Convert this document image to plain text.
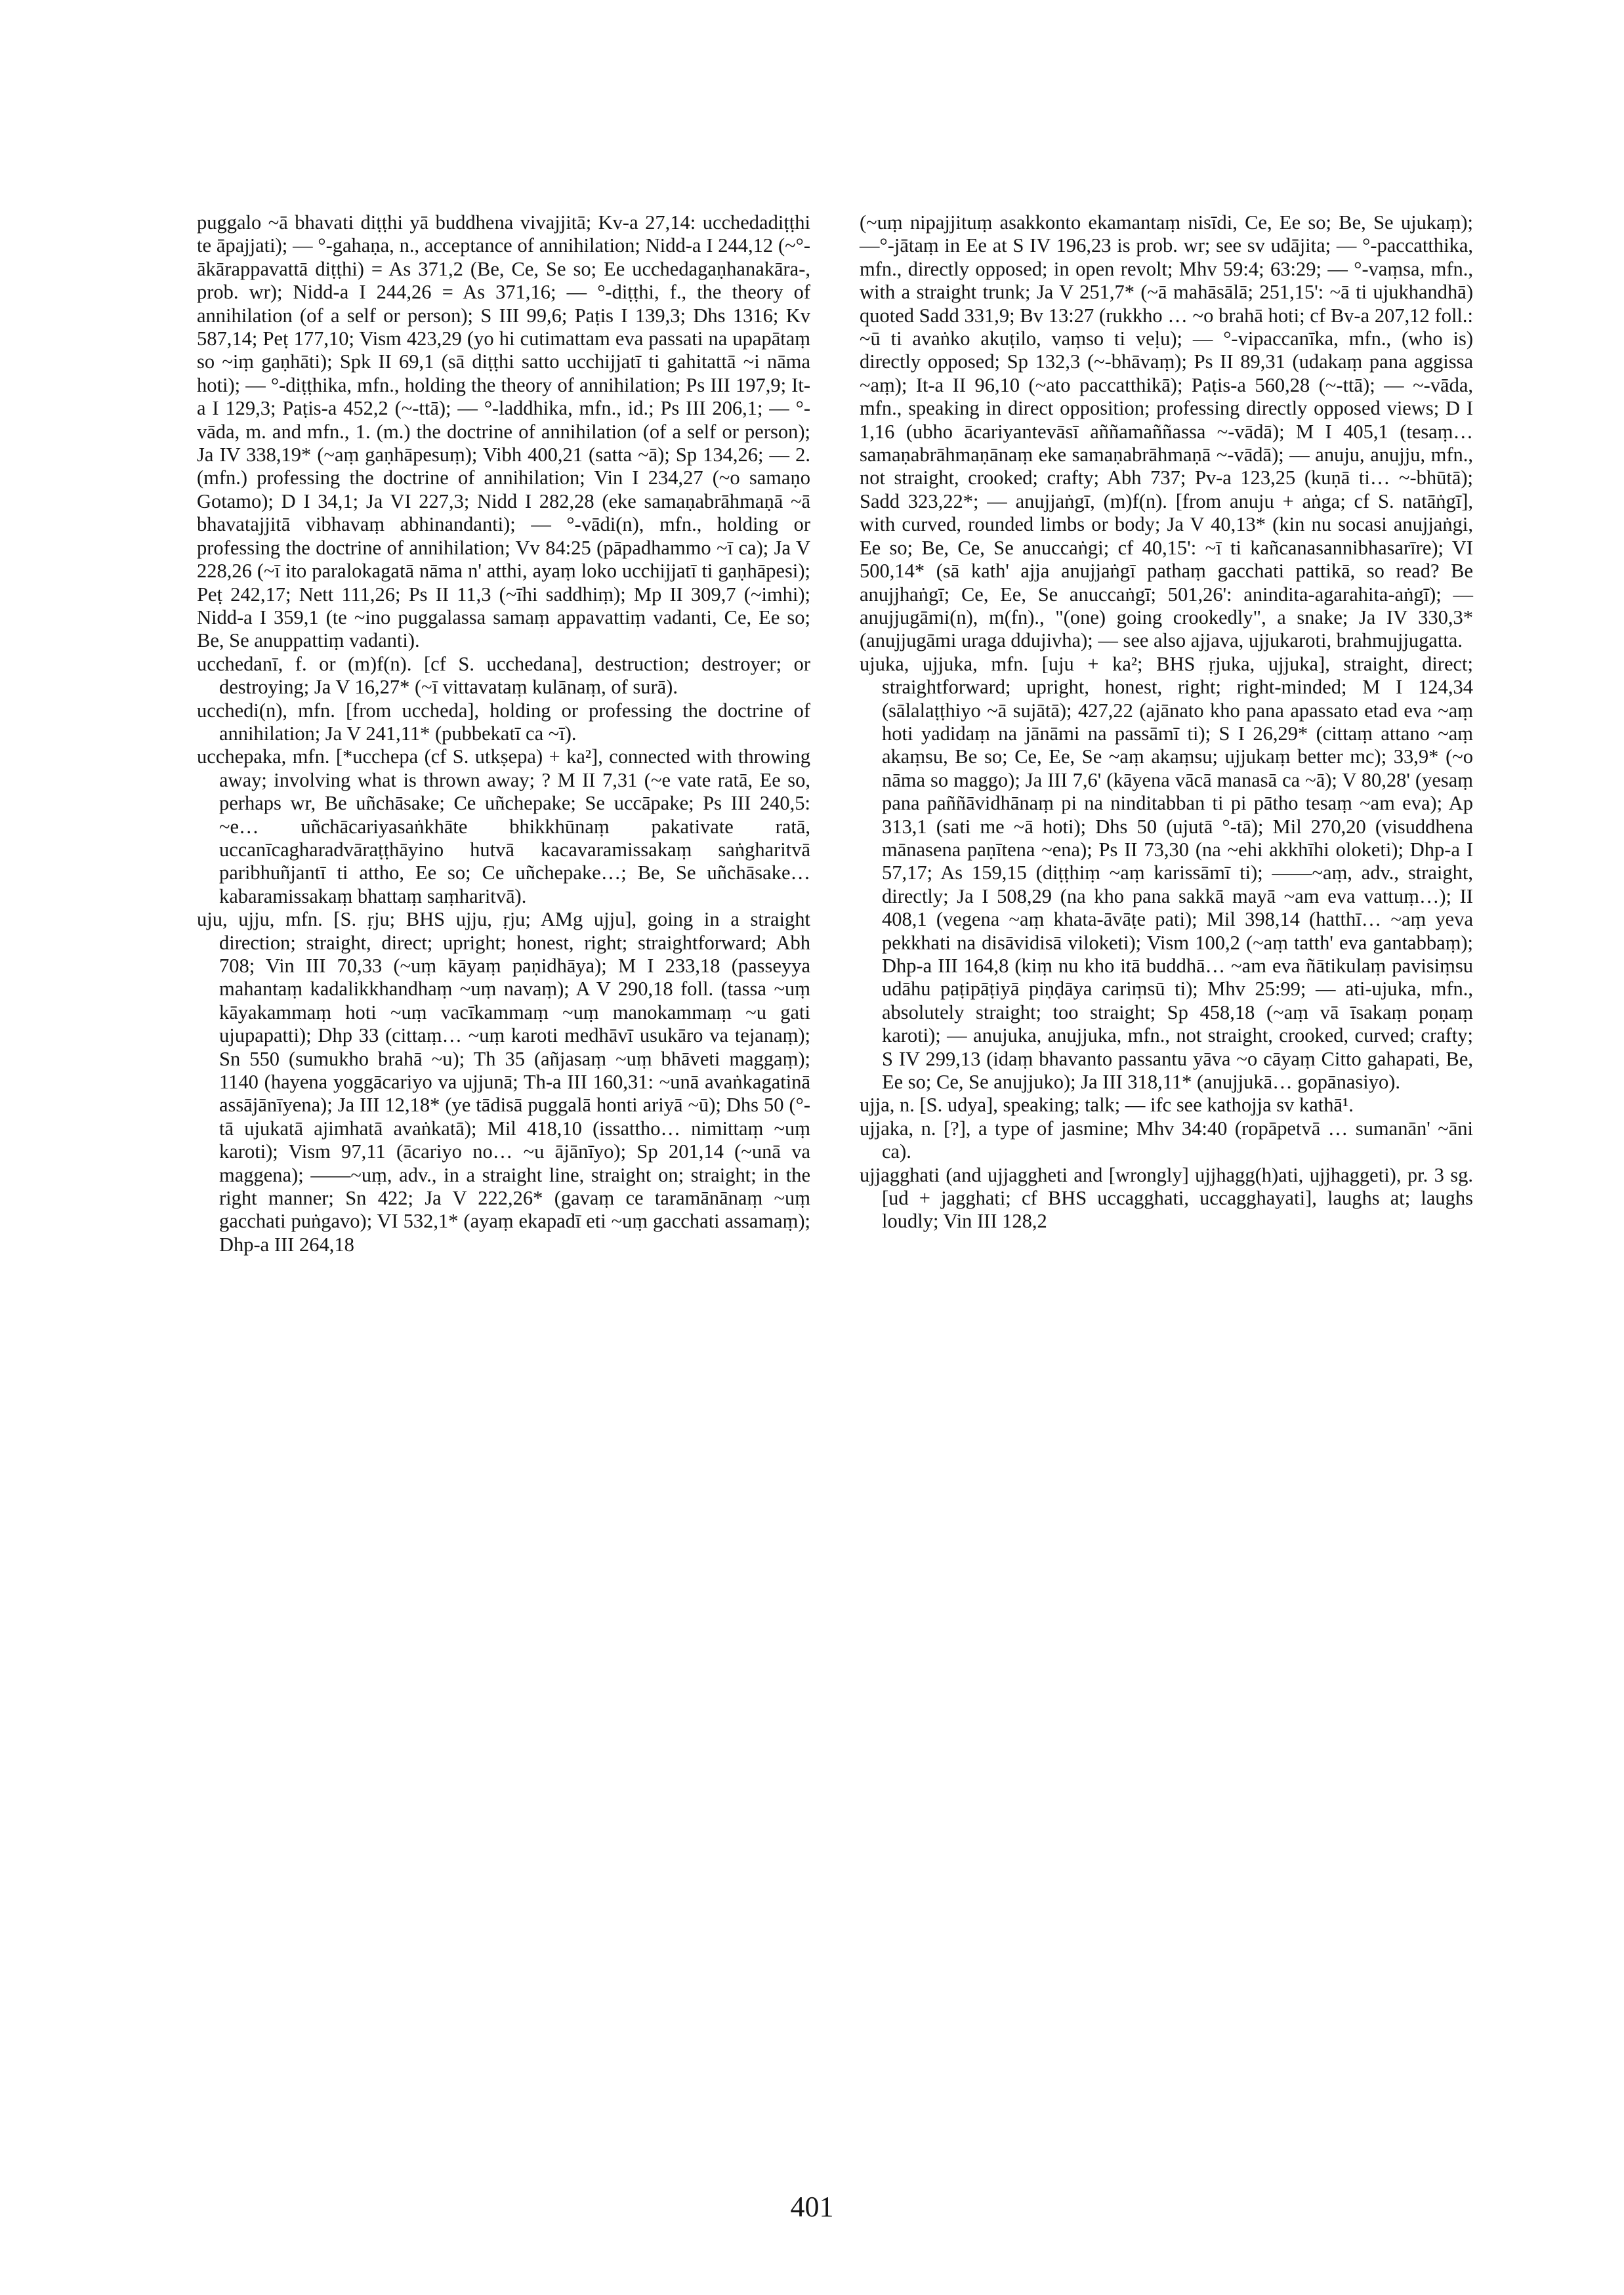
puggalo ~ā bhavati diṭṭhi yā buddhena vivajjitā; Kv-a 27,14: ucchedadiṭṭhi te āpajjati); — °-gahaṇa, n., acceptance of annihilation; Nidd-a I 244,12 (~°-ākārappavattā diṭṭhi) = As 371,2 (Be, Ce, Se so; Ee ucchedagaṇhanakāra-, prob. wr); Nidd-a I 244,26 = As 371,16; — °-diṭṭhi, f., the theory of annihilation (of a self or person); S III 99,6; Paṭis I 139,3; Dhs 1316; Kv 587,14; Peṭ 177,10; Vism 423,29 (yo hi cutimattam eva passati na upapātaṃ so ~iṃ gaṇhāti); Spk II 69,1 (sā diṭṭhi satto ucchijjatī ti gahitattā ~i nāma hoti); — °-diṭṭhika, mfn., holding the theory of annihilation; Ps III 197,9; It-a I 129,3; Paṭis-a 452,2 (~-ttā); — °-laddhika, mfn., id.; Ps III 206,1; — °-vāda, m. and mfn., 1. (m.) the doctrine of annihilation (of a self or person); Ja IV 338,19* (~aṃ gaṇhāpesuṃ); Vibh 400,21 (satta ~ā); Sp 134,26; — 2. (mfn.) professing the doctrine of annihilation; Vin I 234,27 (~o samaṇo Gotamo); D I 34,1; Ja VI 227,3; Nidd I 282,28 (eke samaṇabrāhmaṇā ~ā bhavatajjitā vibhavaṃ abhinandanti); — °-vādi(n), mfn., holding or professing the doctrine of annihilation; Vv 84:25 (pāpadhammo ~ī ca); Ja V 228,26 (~ī ito paralokagatā nāma n' atthi, ayaṃ loko ucchijjatī ti gaṇhāpesi); Peṭ 242,17; Nett 111,26; Ps II 11,3 (~īhi saddhiṃ); Mp II 309,7 (~imhi); Nidd-a I 359,1 (te ~ino puggalassa samaṃ appavattiṃ vadanti, Ce, Ee so; Be, Se anuppattiṃ vadanti).

ucchedanī, f. or (m)f(n). [cf S. ucchedana], destruction; destroyer; or destroying; Ja V 16,27* (~ī vittavataṃ kulānaṃ, of surā).

ucchedi(n), mfn. [from uccheda], holding or professing the doctrine of annihilation; Ja V 241,11* (pubbekatī ca ~ī).

ucchepaka, mfn. [*ucchepa (cf S. utkṣepa) + ka²], connected with throwing away; involving what is thrown away; ? M II 7,31 (~e vate ratā, Ee so, perhaps wr, Be uñchāsake; Ce uñchepake; Se uccāpake; Ps III 240,5: ~e… uñchācariyasaṅkhāte bhikkhūnaṃ pakativate ratā, uccanīcagharadvāraṭṭhāyino hutvā kacavaramissakaṃ saṅgharitvā paribhuñjantī ti attho, Ee so; Ce uñchepake…; Be, Se uñchāsake… kabaramissakaṃ bhattaṃ saṃharitvā).

uju, ujju, mfn. [S. ṛju; BHS ujju, ṛju; AMg ujju], going in a straight direction; straight, direct; upright; honest, right; straightforward; Abh 708; Vin III 70,33 (~uṃ kāyaṃ paṇidhāya); M I 233,18 (passeyya mahantaṃ kadalikkhandhaṃ ~uṃ navaṃ); A V 290,18 foll. (tassa ~uṃ kāyakammaṃ hoti ~uṃ vacīkammaṃ ~uṃ manokammaṃ ~u gati ujupapatti); Dhp 33 (cittaṃ… ~uṃ karoti medhāvī usukāro va tejanaṃ); Sn 550 (sumukho brahā ~u); Th 35 (añjasaṃ ~uṃ bhāveti maggaṃ); 1140 (hayena yoggācariyo va ujjunā; Th-a III 160,31: ~unā avaṅkagatinā assājānīyena); Ja III 12,18* (ye tādisā puggalā honti ariyā ~ū); Dhs 50 (°-tā ujukatā ajimhatā avaṅkatā); Mil 418,10 (issattho… nimittaṃ ~uṃ karoti); Vism 97,11 (ācariyo no… ~u ājānīyo); Sp 201,14 (~unā va maggena); ——~uṃ, adv., in a straight line, straight on; straight; in the right manner; Sn 422; Ja V 222,26* (gavaṃ ce taramānānaṃ ~uṃ gacchati puṅgavo); VI 532,1* (ayaṃ ekapadī eti ~uṃ gacchati assamaṃ); Dhp-a III 264,18

(~uṃ nipajjituṃ asakkonto ekamantaṃ nisīdi, Ce, Ee so; Be, Se ujukaṃ); —°-jātaṃ in Ee at S IV 196,23 is prob. wr; see sv udājita; — °-paccatthika, mfn., directly opposed; in open revolt; Mhv 59:4; 63:29; — °-vaṃsa, mfn., with a straight trunk; Ja V 251,7* (~ā mahāsālā; 251,15': ~ā ti ujukhandhā) quoted Sadd 331,9; Bv 13:27 (rukkho … ~o brahā hoti; cf Bv-a 207,12 foll.: ~ū ti avaṅko akuṭilo, vaṃso ti veḷu); — °-vipaccanīka, mfn., (who is) directly opposed; Sp 132,3 (~-bhāvaṃ); Ps II 89,31 (udakaṃ pana aggissa ~aṃ); It-a II 96,10 (~ato paccatthikā); Paṭis-a 560,28 (~-ttā); — ~-vāda, mfn., speaking in direct opposition; professing directly opposed views; D I 1,16 (ubho ācariyantevāsī aññamaññassa ~-vādā); M I 405,1 (tesaṃ… samaṇabrāhmaṇānaṃ eke samaṇabrāhmaṇā ~-vādā); — anuju, anujju, mfn., not straight, crooked; crafty; Abh 737; Pv-a 123,25 (kuṇā ti… ~-bhūtā); Sadd 323,22*; — anujjaṅgī, (m)f(n). [from anuju + aṅga; cf S. natāṅgī], with curved, rounded limbs or body; Ja V 40,13* (kin nu socasi anujjaṅgi, Ee so; Be, Ce, Se anuccaṅgi; cf 40,15': ~ī ti kañcanasannibhasarīre); VI 500,14* (sā kath' ajja anujjaṅgī pathaṃ gacchati pattikā, so read? Be anujjhaṅgī; Ce, Ee, Se anuccaṅgī; 501,26': anindita-agarahita-aṅgī); — anujjugāmi(n), m(fn)., "(one) going crookedly", a snake; Ja IV 330,3* (anujjugāmi uraga ddujivha); — see also ajjava, ujjukaroti, brahmujjugatta.

ujuka, ujjuka, mfn. [uju + ka²; BHS ṛjuka, ujjuka], straight, direct; straightforward; upright, honest, right; right-minded; M I 124,34 (sālalaṭṭhiyo ~ā sujātā); 427,22 (ajānato kho pana apassato etad eva ~aṃ hoti yadidaṃ na jānāmi na passāmī ti); S I 26,29* (cittaṃ attano ~aṃ akaṃsu, Be so; Ce, Ee, Se ~aṃ akaṃsu; ujjukaṃ better mc); 33,9* (~o nāma so maggo); Ja III 7,6' (kāyena vācā manasā ca ~ā); V 80,28' (yesaṃ pana paññāvidhānaṃ pi na ninditabban ti pi pātho tesaṃ ~am eva); Ap 313,1 (sati me ~ā hoti); Dhs 50 (ujutā °-tā); Mil 270,20 (visuddhena mānasena paṇītena ~ena); Ps II 73,30 (na ~ehi akkhīhi oloketi); Dhp-a I 57,17; As 159,15 (diṭṭhiṃ ~aṃ karissāmī ti); ——~aṃ, adv., straight, directly; Ja I 508,29 (na kho pana sakkā mayā ~am eva vattuṃ…); II 408,1 (vegena ~aṃ khata-āvāṭe pati); Mil 398,14 (hatthī… ~aṃ yeva pekkhati na disāvidisā viloketi); Vism 100,2 (~aṃ tatth' eva gantabbaṃ); Dhp-a III 164,8 (kiṃ nu kho itā buddhā… ~am eva ñātikulaṃ pavisiṃsu udāhu paṭipāṭiyā piṇḍāya cariṃsū ti); Mhv 25:99; — ati-ujuka, mfn., absolutely straight; too straight; Sp 458,18 (~aṃ vā īsakaṃ poṇaṃ karoti); — anujuka, anujjuka, mfn., not straight, crooked, curved; crafty; S IV 299,13 (idaṃ bhavanto passantu yāva ~o cāyaṃ Citto gahapati, Be, Ee so; Ce, Se anujjuko); Ja III 318,11* (anujjukā… gopānasiyo).

ujja, n. [S. udya], speaking; talk; — ifc see kathojja sv kathā¹.

ujjaka, n. [?], a type of jasmine; Mhv 34:40 (ropāpetvā … sumanān' ~āni ca).

ujjagghati (and ujjaggheti and [wrongly] ujjhagg(h)ati, ujjhaggeti), pr. 3 sg. [ud + jagghati; cf BHS uccagghati, uccagghayati], laughs at; laughs loudly; Vin III 128,2

401
